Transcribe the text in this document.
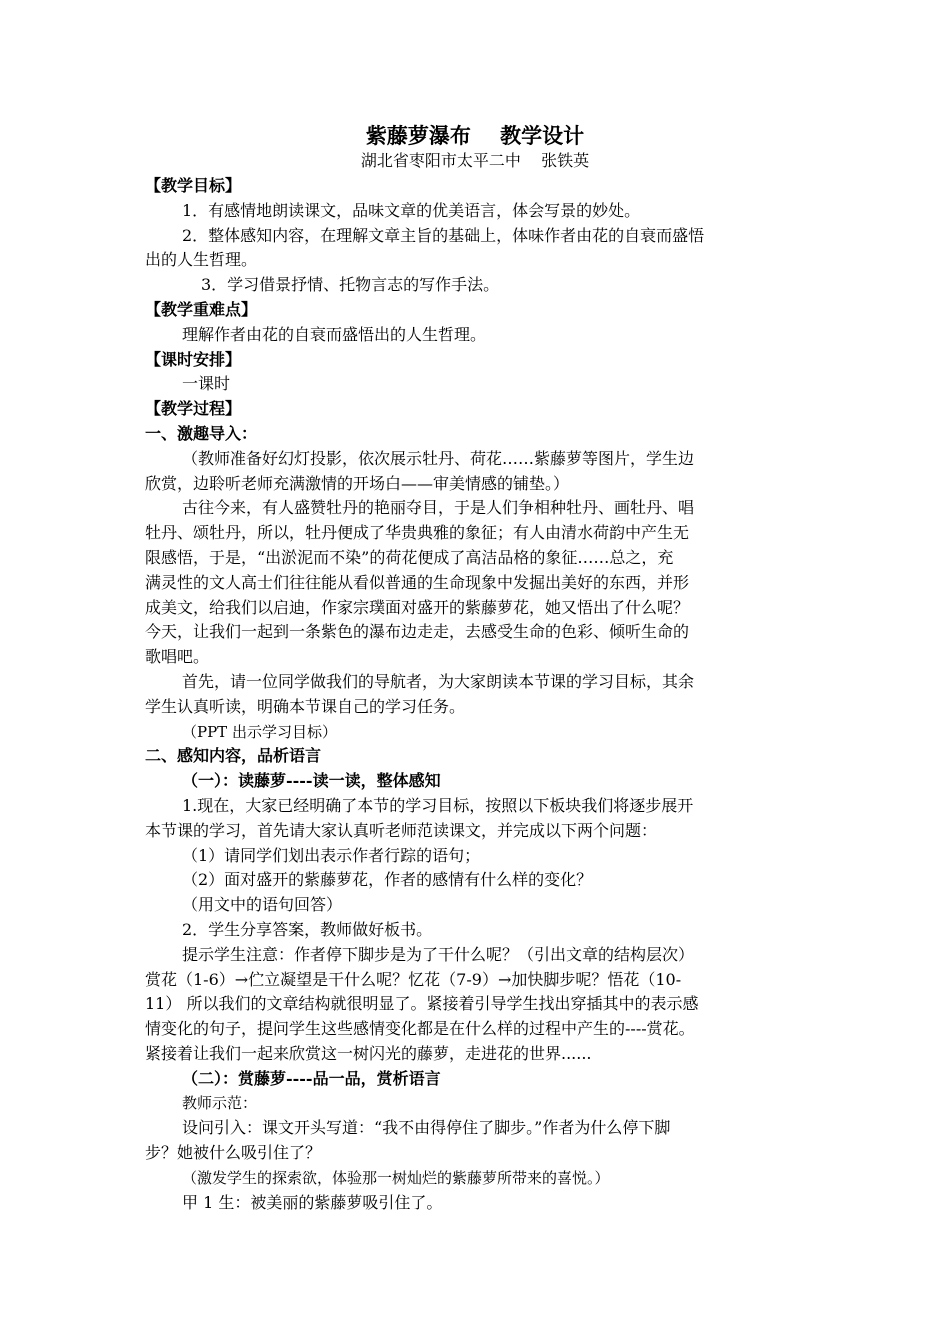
紫藤萝瀑布    教学设计
湖北省枣阳市太平二中    张铁英
【教学目标】
1．有感情地朗读课文，品味文章的优美语言，体会写景的妙处。
2．整体感知内容，在理解文章主旨的基础上，体味作者由花的自衰而盛悟
出的人生哲理。
3．学习借景抒情、托物言志的写作手法。
【教学重难点】
理解作者由花的自衰而盛悟出的人生哲理。
【课时安排】
一课时
【教学过程】
一、激趣导入：
（教师准备好幻灯投影，依次展示牡丹、荷花……紫藤萝等图片，学生边
欣赏，边聆听老师充满激情的开场白——审美情感的铺垫。）
古往今来，有人盛赞牡丹的艳丽夺目，于是人们争相种牡丹、画牡丹、唱
牡丹、颂牡丹，所以，牡丹便成了华贵典雅的象征；有人由清水荷韵中产生无
限感悟，于是，“出淤泥而不染”的荷花便成了高洁品格的象征……总之，充
满灵性的文人高士们往往能从看似普通的生命现象中发掘出美好的东西，并形
成美文，给我们以启迪，作家宗璞面对盛开的紫藤萝花，她又悟出了什么呢？
今天，让我们一起到一条紫色的瀑布边走走，去感受生命的色彩、倾听生命的
歌唱吧。
首先，请一位同学做我们的导航者，为大家朗读本节课的学习目标，其余
学生认真听读，明确本节课自己的学习任务。
（PPT 出示学习目标）
二、感知内容，品析语言
（一）：读藤萝----读一读，整体感知
1.现在，大家已经明确了本节的学习目标，按照以下板块我们将逐步展开
本节课的学习，首先请大家认真听老师范读课文，并完成以下两个问题：
（1）请同学们划出表示作者行踪的语句；
（2）面对盛开的紫藤萝花，作者的感情有什么样的变化？
（用文中的语句回答）
2．学生分享答案，教师做好板书。
提示学生注意：作者停下脚步是为了干什么呢？（引出文章的结构层次）
赏花（1-6）→伫立凝望是干什么呢？忆花（7-9）→加快脚步呢？悟花（10-
11） 所以我们的文章结构就很明显了。紧接着引导学生找出穿插其中的表示感
情变化的句子，提问学生这些感情变化都是在什么样的过程中产生的----赏花。
紧接着让我们一起来欣赏这一树闪光的藤萝，走进花的世界......
（二）：赏藤萝----品一品，赏析语言
教师示范：
设问引入：课文开头写道：“我不由得停住了脚步。”作者为什么停下脚
步？她被什么吸引住了？
（激发学生的探索欲，体验那一树灿烂的紫藤萝所带来的喜悦。）
甲 1 生：被美丽的紫藤萝吸引住了。
